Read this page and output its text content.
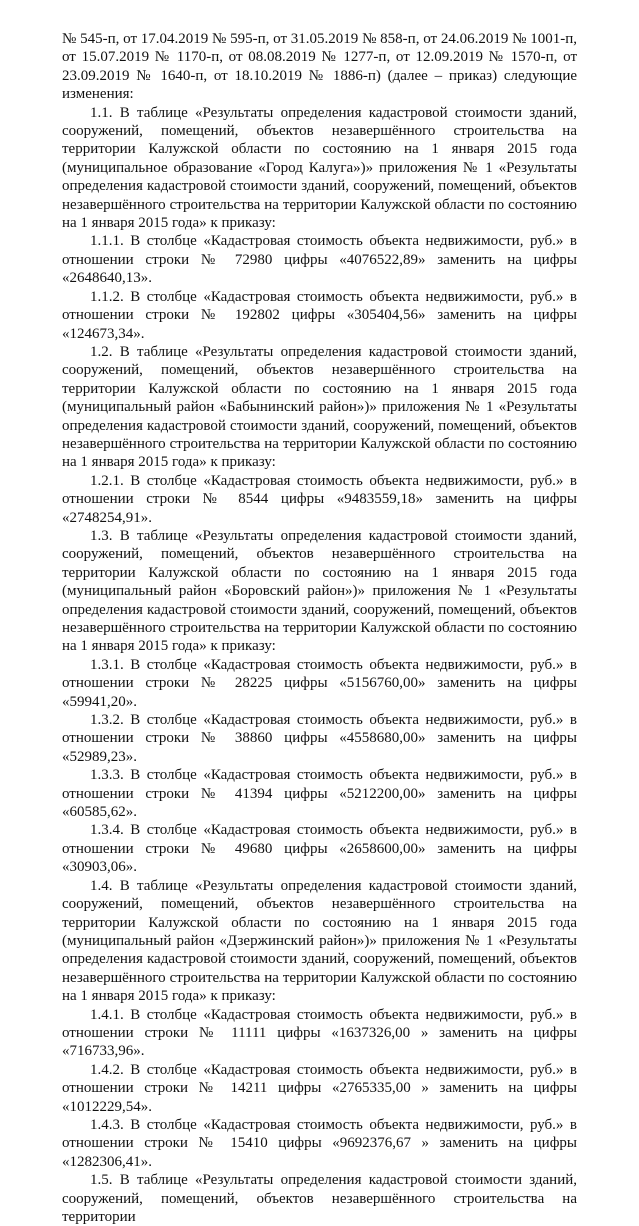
№ 545-п, от 17.04.2019 № 595-п, от 31.05.2019 № 858-п, от 24.06.2019 № 1001-п, от 15.07.2019 № 1170-п, от 08.08.2019 № 1277-п, от 12.09.2019 № 1570-п, от 23.09.2019 № 1640-п, от 18.10.2019 № 1886-п) (далее – приказ) следующие изменения:

1.1. В таблице «Результаты определения кадастровой стоимости зданий, сооружений, помещений, объектов незавершённого строительства на территории Калужской области по состоянию на 1 января 2015 года (муниципальное образование «Город Калуга»)» приложения № 1 «Результаты определения кадастровой стоимости зданий, сооружений, помещений, объектов незавершённого строительства на территории Калужской области по состоянию на 1 января 2015 года» к приказу:

1.1.1. В столбце «Кадастровая стоимость объекта недвижимости, руб.» в отношении строки № 72980 цифры «4076522,89» заменить на цифры «2648640,13».

1.1.2. В столбце «Кадастровая стоимость объекта недвижимости, руб.» в отношении строки № 192802 цифры «305404,56» заменить на цифры «124673,34».

1.2. В таблице «Результаты определения кадастровой стоимости зданий, сооружений, помещений, объектов незавершённого строительства на территории Калужской области по состоянию на 1 января 2015 года (муниципальный район «Бабынинский район»)» приложения № 1 «Результаты определения кадастровой стоимости зданий, сооружений, помещений, объектов незавершённого строительства на территории Калужской области по состоянию на 1 января 2015 года» к приказу:

1.2.1. В столбце «Кадастровая стоимость объекта недвижимости, руб.» в отношении строки № 8544 цифры «9483559,18» заменить на цифры «2748254,91».

1.3. В таблице «Результаты определения кадастровой стоимости зданий, сооружений, помещений, объектов незавершённого строительства на территории Калужской области по состоянию на 1 января 2015 года (муниципальный район «Боровский район»)» приложения № 1 «Результаты определения кадастровой стоимости зданий, сооружений, помещений, объектов незавершённого строительства на территории Калужской области по состоянию на 1 января 2015 года» к приказу:

1.3.1. В столбце «Кадастровая стоимость объекта недвижимости, руб.» в отношении строки № 28225 цифры «5156760,00» заменить на цифры «59941,20».

1.3.2. В столбце «Кадастровая стоимость объекта недвижимости, руб.» в отношении строки № 38860 цифры «4558680,00» заменить на цифры «52989,23».

1.3.3. В столбце «Кадастровая стоимость объекта недвижимости, руб.» в отношении строки № 41394 цифры «5212200,00» заменить на цифры «60585,62».

1.3.4. В столбце «Кадастровая стоимость объекта недвижимости, руб.» в отношении строки № 49680 цифры «2658600,00» заменить на цифры «30903,06».

1.4. В таблице «Результаты определения кадастровой стоимости зданий, сооружений, помещений, объектов незавершённого строительства на территории Калужской области по состоянию на 1 января 2015 года (муниципальный район «Дзержинский район»)» приложения № 1 «Результаты определения кадастровой стоимости зданий, сооружений, помещений, объектов незавершённого строительства на территории Калужской области по состоянию на 1 января 2015 года» к приказу:

1.4.1. В столбце «Кадастровая стоимость объекта недвижимости, руб.» в отношении строки № 11111 цифры «1637326,00 » заменить на цифры «716733,96».

1.4.2. В столбце «Кадастровая стоимость объекта недвижимости, руб.» в отношении строки № 14211 цифры «2765335,00 » заменить на цифры «1012229,54».

1.4.3. В столбце «Кадастровая стоимость объекта недвижимости, руб.» в отношении строки № 15410 цифры «9692376,67 » заменить на цифры «1282306,41».

1.5. В таблице «Результаты определения кадастровой стоимости зданий, сооружений, помещений, объектов незавершённого строительства на территории
